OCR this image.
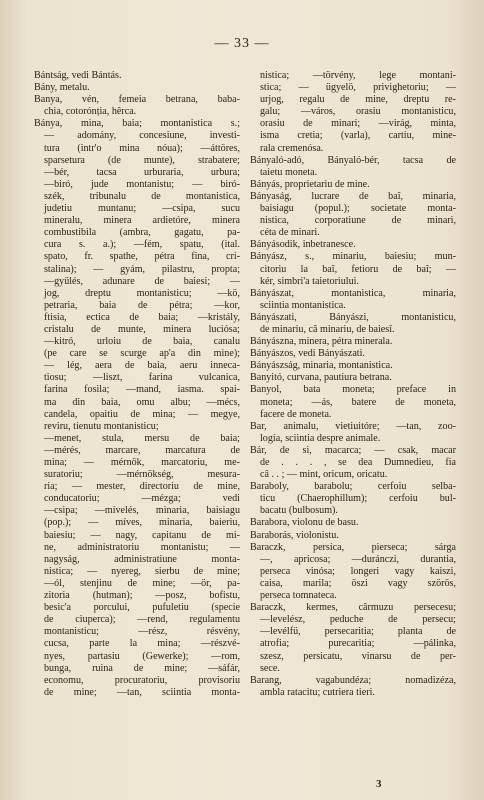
— 33 —
Bántság, vedi Bántás.
Bány, metalu.
Banya, vén, femeia betrana, baba-
chia, cotorónția, hêrca.
Bánya, mina, baia; montanistica s.;
— adomány, concesiune, investi-
tura (intr'o mina nóua); —áttöres,
sparsetura (de munte), strabatere;
—bér, tacsa urburaria, urbura;
—biró, jude montanistu; — biró-
szék, tribunalu de montanistica,
judetiu muntanu; —csipa, sucu
mineralu, minera ardietóre, minera
combustibila (ambra, gagatu, pa-
cura s. a.); —fém, spatu, (ital.
spato, fr. spathe, pétra fina, cri-
stalina); — gyám, pilastru, propta;
—gyülés, adunare de baiesi; —
jog, dreptu montanisticu; —kö,
petraria, baia de pétra; —kor,
ftisia, ectica de baia; —kristály,
cristalu de munte, minera luciósa;
—kitró, urloiu de baia, canalu
(pe care se scurge ap'a din mine);
— lég, aera de baia, aeru inneca-
tiosu; —liszt, farina vulcanica,
farina fosila; —mand, iasma. spai-
ma din baia, omu albu; —mécs,
candela, opaitiu de mina; — megye,
reviru, tienutu montanisticu;
—menet, stula, mersu de baia;
—mérés, marcare, marcatura de
mina; — mérnök, marcatoriu, me-
suratoriu; —mérnökség, mesura-
ria; — mester, directoriu de mine,
conducatoriu; —mézga; vedi
—csipa; —mivelés, minaria, baisiagu
(pop.); — míves, minaria, baieriu,
baiesiu; — nagy, capitanu de mi-
ne, administratoriu montanistu; —
nagyság, administratiune monta-
nistica; — nyereg, sierbu de mine;
—ól, stenjinu de mine; —ör, pa-
zitoria (hutman); —posz, bofistu,
besic'a porcului, pufuletiu (specie
de ciuperca); —rend, regulamentu
montanisticu; —rész, résvény,
cucsa, parte la mina; —részvé-
nyes, partasiu (Gewerke); —rom,
bunga, ruina de mine; —sáfár,
economu, procuratoriu, provisoriu
de mine; —tan, sciintia monta-
nistica; —törvény, lege montani-
stica; — ügyelö, privighetoriu; —
urjog, regalu de mine, dreptu re-
galu; —város, orasiu montanisticu,
orasiu de minari; —virág, minta,
isma cretia; (varla), cartiu, mine-
rala cremenósa.
Bányaló-adó, Bányaló-bér, tacsa de
taietu moneta.
Bányás, proprietariu de mine.
Bányaság, lucrare de baî, minaria,
baisiagu (popul.); societate monta-
nistica, corporatiune de minari,
céta de minari.
Bányásodik, inbetranesce.
Bányász, s., minariu, baiesiu; mun-
citoriu la baî, fetioru de baî; —
kér, simbri'a taietoriului.
Bányászat, montanistica, minaria,
sciintia montanistica.
Bányászati, Bányászi, montanisticu,
de minariu, câ minariu, de baiesî.
Bányászna, minera, pétra minerala.
Bányászos, vedi Bányászati.
Bányászság, minaria, montanistica.
Banyitó, curvana, pautiura betrana.
Banyol, bata moneta; preface in
moneta; —ás, batere de moneta,
facere de moneta.
Bar, animalu, vietiuitóre; —tan, zoo-
logía, sciintia despre animale.
Bár, de si, macarca; — csak, macar
de . . . , se dea Dumnedieu, fia
câ . . ; — mint, oricum, oricatu.
Baraboly, barabolu; cerfoiu selba-
ticu (Chaerophillum); cerfoiu bul-
bacatu (bulbosum).
Barabora, violonu de basu.
Baraborás, violonistu.
Baraczk, persica, pierseca; sárga
—, apricosa; —duránczi, durantia,
perseca vinósa; longeri vagy kaiszi,
caisa, marila; öszi vagy szörös,
perseca tomnateca.
Baraczk, kermes, cârmuzu persecesu;
—levelész, peduche de persecu;
—levélfü, persecaritia; planta de
atrofia; purecaritia; —pálinka,
szesz, persicatu, vinarsu de per-
sece.
Barang, vagabundéza; nomadizéza,
ambla ratacitu; cutriera tieri.
3
